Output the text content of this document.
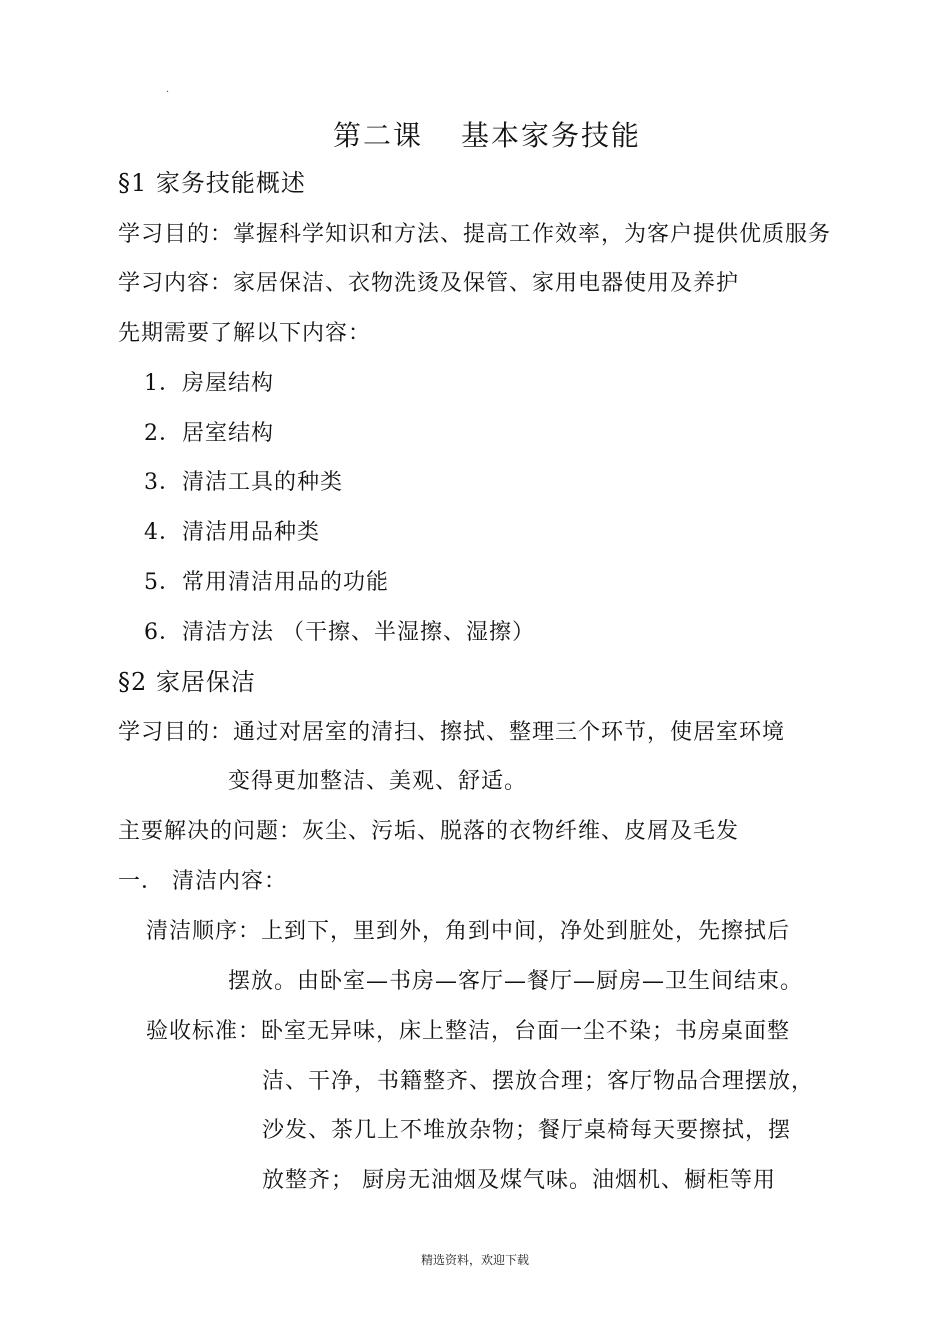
·
第二课 基本家务技能
§1 家务技能概述
学习目的：掌握科学知识和方法、提高工作效率，为客户提供优质服务
学习内容：家居保洁、衣物洗烫及保管、家用电器使用及养护
先期需要了解以下内容：
1．房屋结构
2．居室结构
3．清洁工具的种类
4．清洁用品种类
5．常用清洁用品的功能
6．清洁方法 （干擦、半湿擦、湿擦）
§2 家居保洁
学习目的：通过对居室的清扫、擦拭、整理三个环节，使居室环境
变得更加整洁、美观、舒适。
主要解决的问题：灰尘、污垢、脱落的衣物纤维、皮屑及毛发
一． 清洁内容：
清洁顺序：上到下，里到外，角到中间，净处到脏处，先擦拭后
摆放。由卧室—书房—客厅—餐厅—厨房—卫生间结束。
验收标准：卧室无异味，床上整洁，台面一尘不染；书房桌面整
洁、干净，书籍整齐、摆放合理；客厅物品合理摆放，
沙发、茶几上不堆放杂物；餐厅桌椅每天要擦拭，摆
放整齐； 厨房无油烟及煤气味。油烟机、橱柜等用
精选资料，欢迎下载
